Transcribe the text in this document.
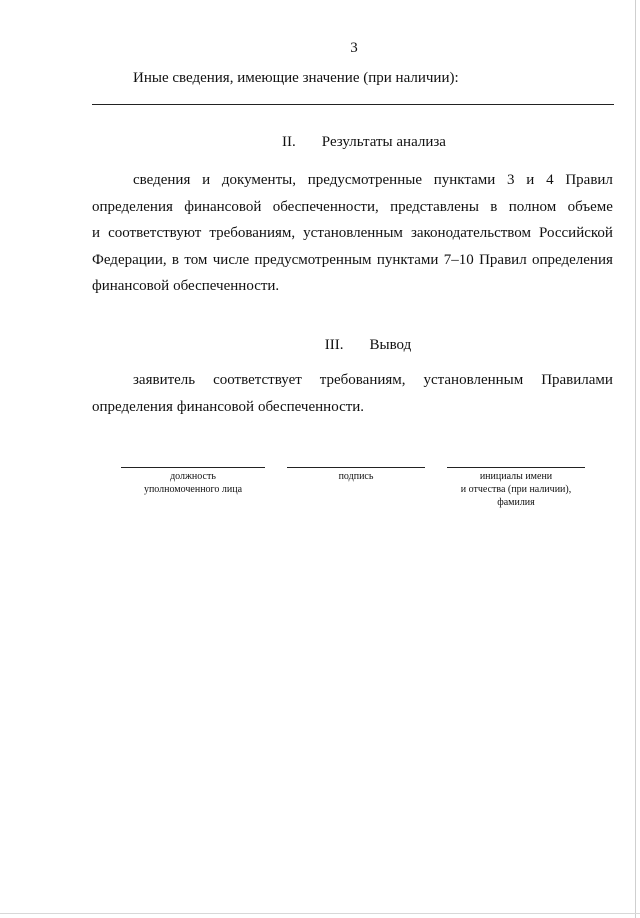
3
Иные сведения, имеющие значение (при наличии):
II. Результаты анализа
сведения и документы, предусмотренные пунктами 3 и 4 Правил
определения финансовой обеспеченности, представлены в полном объеме
и соответствуют требованиям, установленным законодательством Российской
Федерации, в том числе предусмотренным пунктами 7–10 Правил определения
финансовой обеспеченности.
III. Вывод
заявитель соответствует требованиям, установленным Правилами
определения финансовой обеспеченности.
должность
уполномоченного лица
подпись	инициалы имени
и отчества (при наличии),
фамилия
